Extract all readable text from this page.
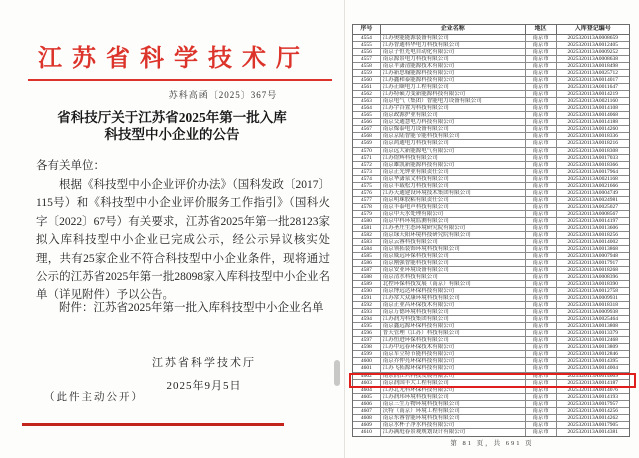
江苏省科学技术厅
苏科高函〔2025〕367号
省科技厅关于江苏省2025年第一批入库
科技型中小企业的公告
各有关单位：

根据《科技型中小企业评价办法》（国科发政〔2017〕115号）和《科技型中小企业评价服务工作指引》（国科火字〔2022〕67号）有关要求，江苏省2025年第一批28123家拟入库科技型中小企业已完成公示，经公示异议核实处理，共有25家企业不符合科技型中小企业条件，现将通过公示的江苏省2025年第一批28098家入库科技型中小企业名单（详见附件）予以公告。

附件：江苏省2025年第一批入库科技型中小企业名单
江苏省科学技术厅
2025年9月5日
（此件主动公开）
序号	企业名称	地区	入库登记编号
4554	江苏奥能能源装备有限公司	南京市	2025320113A0008659
4555	江苏智通科华电力科技有限公司	南京市	2025320113A0012405
4556	南京子恒光电自动化有限公司	南京市	2025320113A0009252
4557	南京源景电力科技有限公司	南京市	2025320113A0008638
4558	南京平潇清能源技术有限公司	南京市	2025320113A0018498
4559	江苏新思翰能源科技有限公司	南京市	2025320113A0025712
4560	江苏鑫和泰能源科技有限公司	南京市	2025320113A0014017
4561	江苏正颐电力工程有限公司	南京市	2025320113A0011647
4562	江苏特硕力变新能源科技有限公司	南京市	2025320113A0014219
4563	南京电气（集团）智能电力设备有限公司	南京市	2025320113A0021160
4564	江苏宇谷置为科技有限公司	南京市	2025320113A0014108
4565	南京政源护业有限公司	南京市	2025320113A0014068
4566	南京交通慧电力科技有限公司	南京市	2025320113A0014188
4567	南京煤泰电力设备有限公司	南京市	2025320113A0014260
4568	南京京陆智能节能科技有限公司	南京市	2025320113A0018336
4569	南京鸿通电力科技有限公司	南京市	2025320113A0018216
4570	南京远大新能源电气有限公司	南京市	2025320113A0018308
4571	江苏煜辉科技有限公司	南京市	2025320113A0017033
4572	南京雄凯新能源科技有限公司	南京市	2025320113A0018366
4573	南京正光钟业有限责任公司	南京市	2025320113A0017964
4574	南京华潇泉文科技有限公司	南京市	2025320113A0021168
4575	南京丰载松力科技有限公司	南京市	2025320113A0021666
4576	江苏天通建设环境技术集团有限公司	南京市	2025320113A0004749
4577	南京明珠胶粘有限责任公司	南京市	2025320113A0024981
4578	南京丰泰电声科技有限公司	南京市	2025320113A0025027
4579	南京中天水处理有限公司	南京市	2025320113A0008567
4580	南京中科环境监测有限公司	南京市	2025320113A0014197
4581	江苏圣庄生态环境研究院有限公司	南京市	2025320113A0013606
4582	南京绿天阳环境科技研究院有限公司	南京市	2025320113A0018256
4583	南京云睿科技有限公司	南京市	2025320113A0014002
4584	南京领拓装饰环境科技有限公司	南京市	2025320113A0013868
4585	南京威远环保科技有限公司	南京市	2025320113A0007948
4586	南京刚强智能科技有限公司	南京市	2025320113A0017917
4587	南京安亚环境设备有限公司	南京市	2025320113A0018268
4588	南京清水科技有限公司	南京市	2025320113A0008396
4589	北控环保科技发展（南京）有限公司	南京市	2025320113A0018390
4590	南京博远达环保科技有限公司	南京市	2025320113A0012758
4591	江苏常大众康环境科技有限公司	南京市	2025320113A0009931
4592	南京正业昌环保技术有限公司	南京市	2025320113A0018318
4593	南京万德环境科技有限公司	南京市	2025320113A0009938
4594	江苏润为科技集团有限公司	南京市	2025320113A0025464
4595	南京鑫远源环保科技有限公司	南京市	2025320113A0013808
4596	普天管理（江苏）科技有限公司	南京市	2025320113A0013379
4597	江苏恒进环保科技有限公司	南京市	2025320113A0012468
4598	江苏中远春环保技术有限公司	南京市	2025320113A0013809
4599	南京军立特节能科技有限公司	南京市	2025320113A0012846
4600	南京乔仲亮环保科技有限公司	南京市	2025320113A0014395
4601	江苏飞拓源环保科技有限公司	南京市	2025320113A0014004
4602	南京润江兴科技发展有限公司	南京市	2025320113A0014609
4603	南京润国丰大工程有限公司	南京市	2025320113A0014187
4604	江苏北光科环保科技有限公司	南京市	2025320113A0014076
4605	江苏润玮环境科技有限公司	南京市	2025320113A0014193
4606	南京三生万物环境科技有限公司	南京市	2025320113A0017957
4607	沃特（南京）环境工程有限公司	南京市	2025320113A0014256
4608	南京东睿智能环境科技有限公司	南京市	2025320113A0014262
4609	南京水杯子净水科技有限公司	南京市	2025320113A0017905
4610	江苏满庭春景观规划设计有限公司	南京市	2025320113A0014381
第 81 页，共 691 页
